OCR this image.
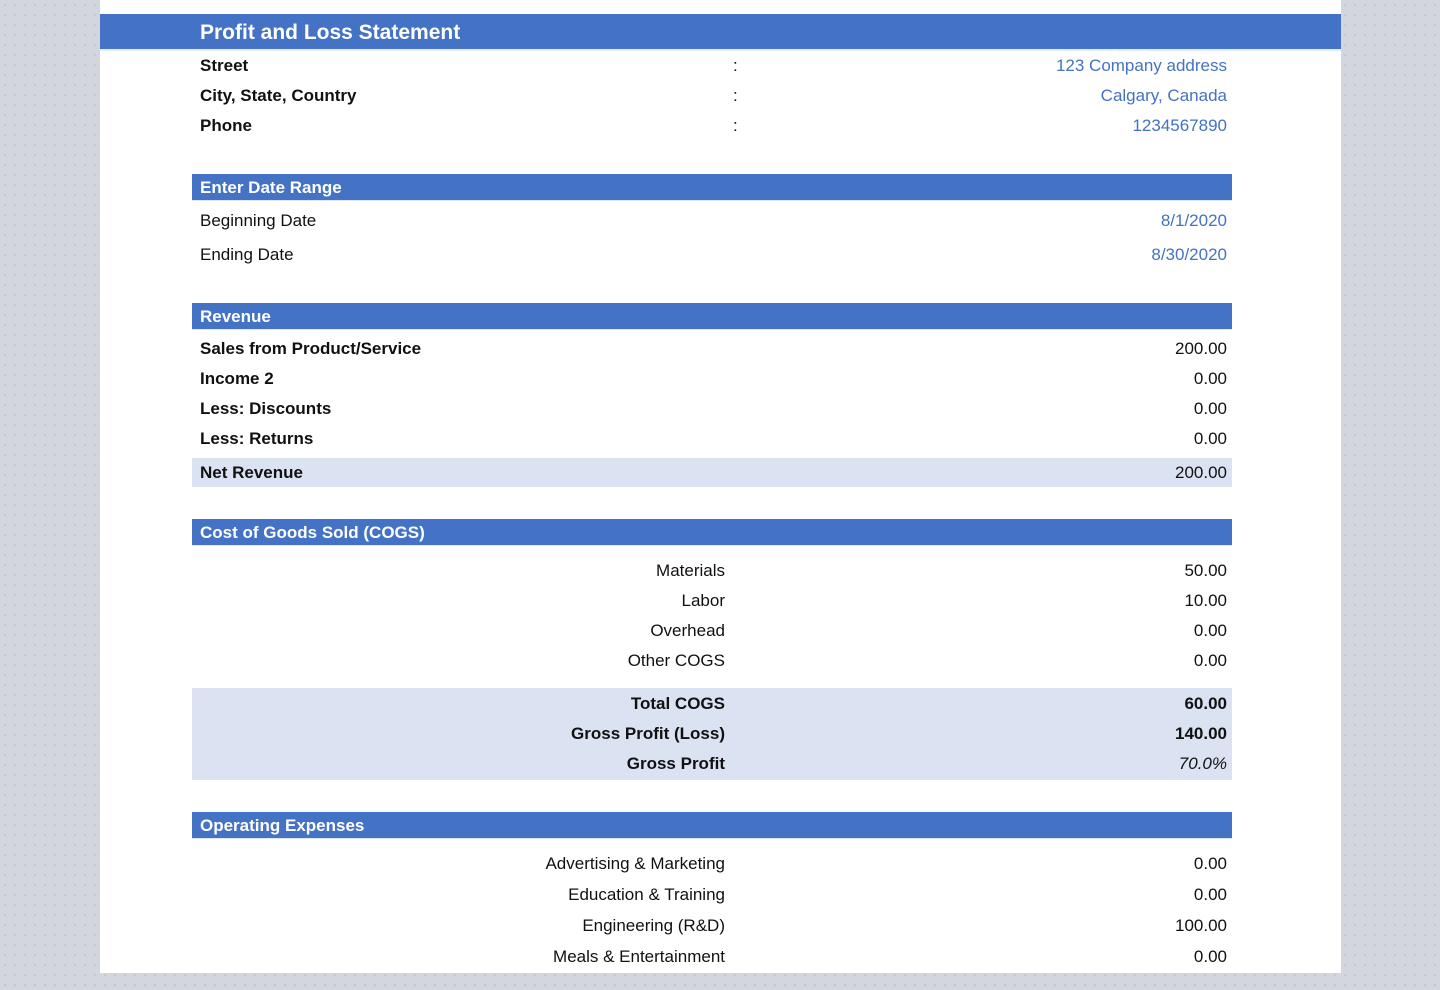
Profit and Loss Statement
Street	:	123 Company address
City, State, Country	:	Calgary, Canada
Phone	:	1234567890
Enter Date Range
Beginning Date	8/1/2020
Ending Date	8/30/2020
Revenue
Sales from Product/Service	200.00
Income 2	0.00
Less: Discounts	0.00
Less: Returns	0.00
Net Revenue	200.00
Cost of Goods Sold (COGS)
Materials	50.00
Labor	10.00
Overhead	0.00
Other COGS	0.00
Total COGS	60.00
Gross Profit (Loss)	140.00
Gross Profit	70.0%
Operating Expenses
Advertising & Marketing	0.00
Education & Training	0.00
Engineering (R&D)	100.00
Meals & Entertainment	0.00
